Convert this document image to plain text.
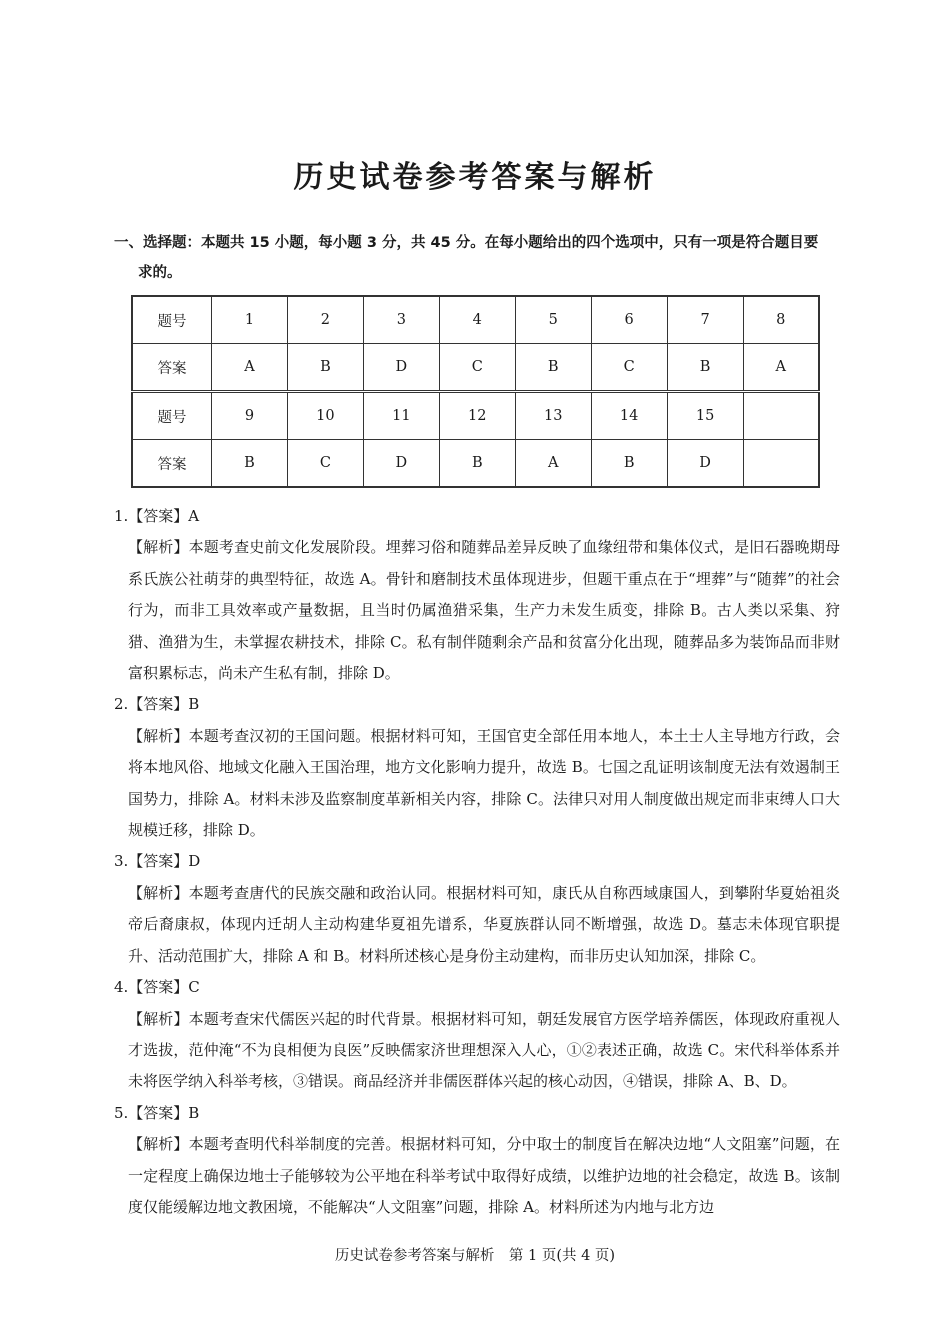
历史试卷参考答案与解析
一、选择题：本题共 15 小题，每小题 3 分，共 45 分。在每小题给出的四个选项中，只有一项是符合题目要
求的。
题号	1	2	3	4	5	6	7	8
答案	A	B	D	C	B	C	B	A
题号	9	10	11	12	13	14	15	
答案	B	C	D	B	A	B	D	

1.【答案】A

【解析】本题考查史前文化发展阶段。埋葬习俗和随葬品差异反映了血缘纽带和集体仪式，是旧石器晚期母系氏族公社萌芽的典型特征，故选 A。骨针和磨制技术虽体现进步，但题干重点在于“埋葬”与“随葬”的社会行为，而非工具效率或产量数据，且当时仍属渔猎采集，生产力未发生质变，排除 B。古人类以采集、狩猎、渔猎为生，未掌握农耕技术，排除 C。私有制伴随剩余产品和贫富分化出现，随葬品多为装饰品而非财富积累标志，尚未产生私有制，排除 D。

2.【答案】B

【解析】本题考查汉初的王国问题。根据材料可知，王国官吏全部任用本地人，本土士人主导地方行政，会将本地风俗、地域文化融入王国治理，地方文化影响力提升，故选 B。七国之乱证明该制度无法有效遏制王国势力，排除 A。材料未涉及监察制度革新相关内容，排除 C。法律只对用人制度做出规定而非束缚人口大规模迁移，排除 D。

3.【答案】D

【解析】本题考查唐代的民族交融和政治认同。根据材料可知，康氏从自称西域康国人，到攀附华夏始祖炎帝后裔康叔，体现内迁胡人主动构建华夏祖先谱系，华夏族群认同不断增强，故选 D。墓志未体现官职提升、活动范围扩大，排除 A 和 B。材料所述核心是身份主动建构，而非历史认知加深，排除 C。

4.【答案】C

【解析】本题考查宋代儒医兴起的时代背景。根据材料可知，朝廷发展官方医学培养儒医，体现政府重视人才选拔，范仲淹“不为良相便为良医”反映儒家济世理想深入人心，①②表述正确，故选 C。宋代科举体系并未将医学纳入科举考核，③错误。商品经济并非儒医群体兴起的核心动因，④错误，排除 A、B、D。

5.【答案】B

【解析】本题考查明代科举制度的完善。根据材料可知，分中取士的制度旨在解决边地“人文阻塞”问题，在一定程度上确保边地士子能够较为公平地在科举考试中取得好成绩，以维护边地的社会稳定，故选 B。该制度仅能缓解边地文教困境，不能解决“人文阻塞”问题，排除 A。材料所述为内地与北方边

历史试卷参考答案与解析　第 1 页(共 4 页)
